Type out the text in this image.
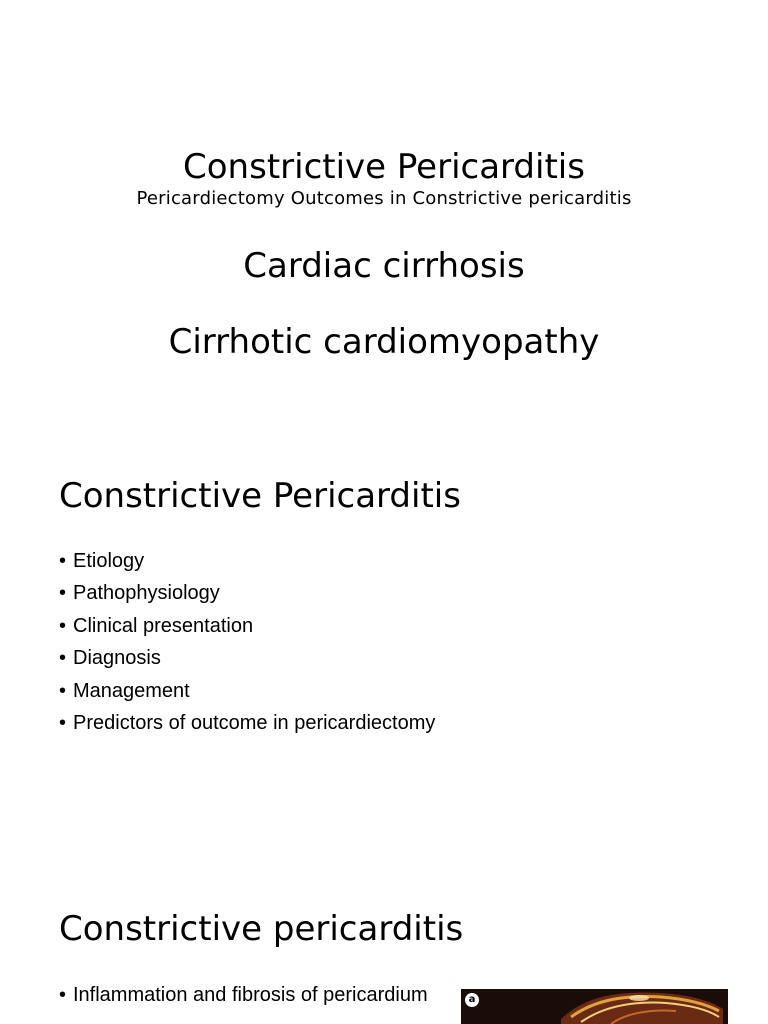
Constrictive Pericarditis
Pericardiectomy Outcomes in Constrictive pericarditis
Cardiac cirrhosis
Cirrhotic cardiomyopathy
Constrictive Pericarditis
• Etiology
• Pathophysiology
• Clinical presentation
• Diagnosis
• Management
• Predictors of outcome in pericardiectomy
Constrictive pericarditis
• Inflammation and fibrosis of pericardium	a
